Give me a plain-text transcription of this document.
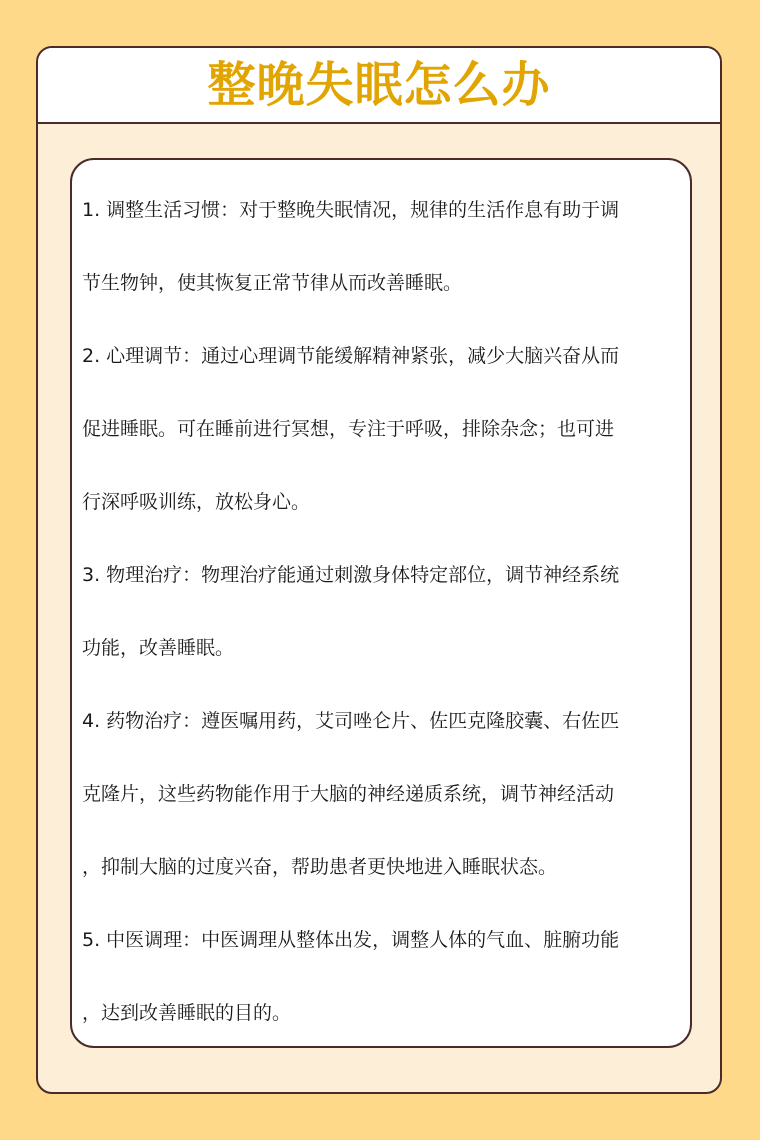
整晚失眠怎么办
1. 调整生活习惯：对于整晚失眠情况，规律的生活作息有助于调
节生物钟，使其恢复正常节律从而改善睡眠。
2. 心理调节：通过心理调节能缓解精神紧张，减少大脑兴奋从而
促进睡眠。可在睡前进行冥想，专注于呼吸，排除杂念；也可进
行深呼吸训练，放松身心。
3. 物理治疗：物理治疗能通过刺激身体特定部位，调节神经系统
功能，改善睡眠。
4. 药物治疗：遵医嘱用药，艾司唑仑片、佐匹克隆胶囊、右佐匹
克隆片，这些药物能作用于大脑的神经递质系统，调节神经活动
，抑制大脑的过度兴奋，帮助患者更快地进入睡眠状态。
5. 中医调理：中医调理从整体出发，调整人体的气血、脏腑功能
，达到改善睡眠的目的。
